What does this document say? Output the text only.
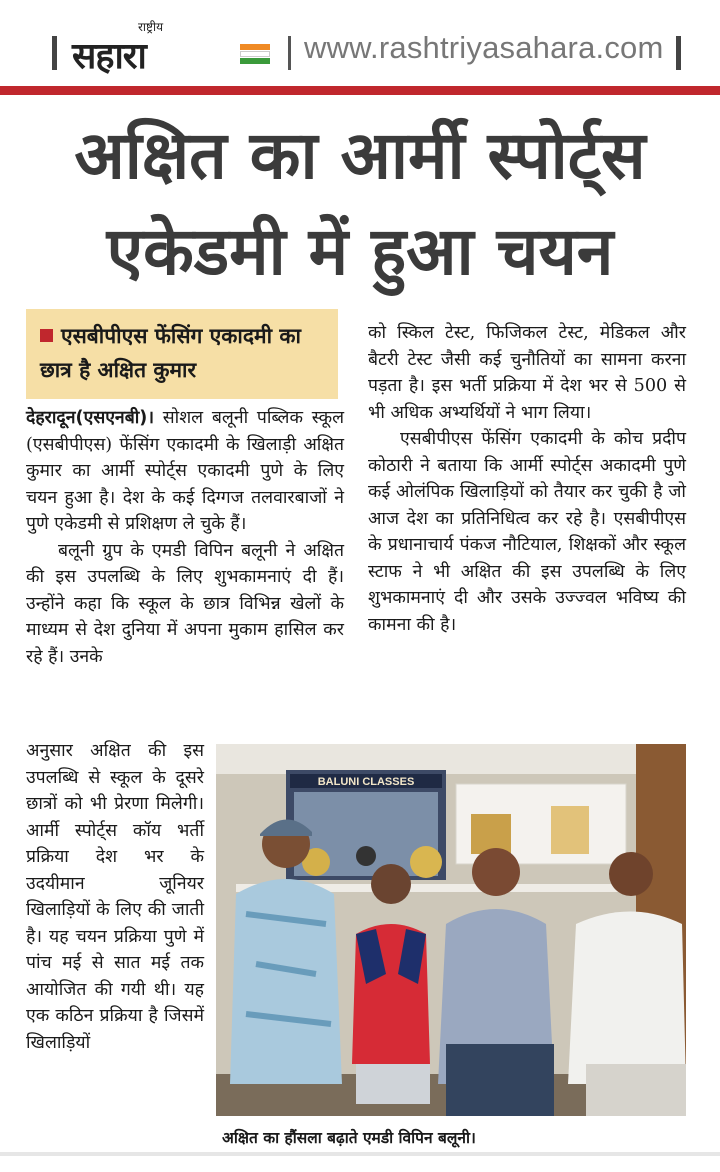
राष्ट्रीय
सहारा	www.rashtriyasahara.com
अक्षित का आर्मी स्पोर्ट्स
एकेडमी में हुआ चयन
एसबीपीएस फेंसिंग एकादमी का छात्र है अक्षित कुमार

देहरादून(एसएनबी)। सोशल बलूनी पब्लिक स्कूल (एसबीपीएस) फेंसिंग एकादमी के खिलाड़ी अक्षित कुमार का आर्मी स्पोर्ट्स एकादमी पुणे के लिए चयन हुआ है। देश के कई दिग्गज तलवारबाजों ने पुणे एकेडमी से प्रशिक्षण ले चुके हैं।

बलूनी ग्रुप के एमडी विपिन बलूनी ने अक्षित की इस उपलब्धि के लिए शुभकामनाएं दी हैं। उन्होंने कहा कि स्कूल के छात्र विभिन्न खेलों के माध्यम से देश दुनिया में अपना मुकाम हासिल कर रहे हैं। उनके

अनुसार अक्षित की इस उपलब्धि से स्कूल के दूसरे छात्रों को भी प्रेरणा मिलेगी। आर्मी स्पोर्ट्स कॉय भर्ती प्रक्रिया देश भर के उदयीमान जूनियर खिलाड़ियों के लिए की जाती है। यह चयन प्रक्रिया पुणे में पांच मई से सात मई तक आयोजित की गयी थी। यह एक कठिन प्रक्रिया है जिसमें खिलाड़ियों

को स्किल टेस्ट, फिजिकल टेस्ट, मेडिकल और बैटरी टेस्ट जैसी कई चुनौतियों का सामना करना पड़ता है। इस भर्ती प्रक्रिया में देश भर से 500 से भी अधिक अभ्यर्थियों ने भाग लिया।

एसबीपीएस फेंसिंग एकादमी के कोच प्रदीप कोठारी ने बताया कि आर्मी स्पोर्ट्स अकादमी पुणे कई ओलंपिक खिलाड़ियों को तैयार कर चुकी है जो आज देश का प्रतिनिधित्व कर रहे है। एसबीपीएस के प्रधानाचार्य पंकज नौटियाल, शिक्षकों और स्कूल स्टाफ ने भी अक्षित की इस उपलब्धि के लिए शुभकामनाएं दी और उसके उज्ज्वल भविष्य की कामना की है।

BALUNI CLASSES
अक्षित का हौंसला बढ़ाते एमडी विपिन बलूनी।
